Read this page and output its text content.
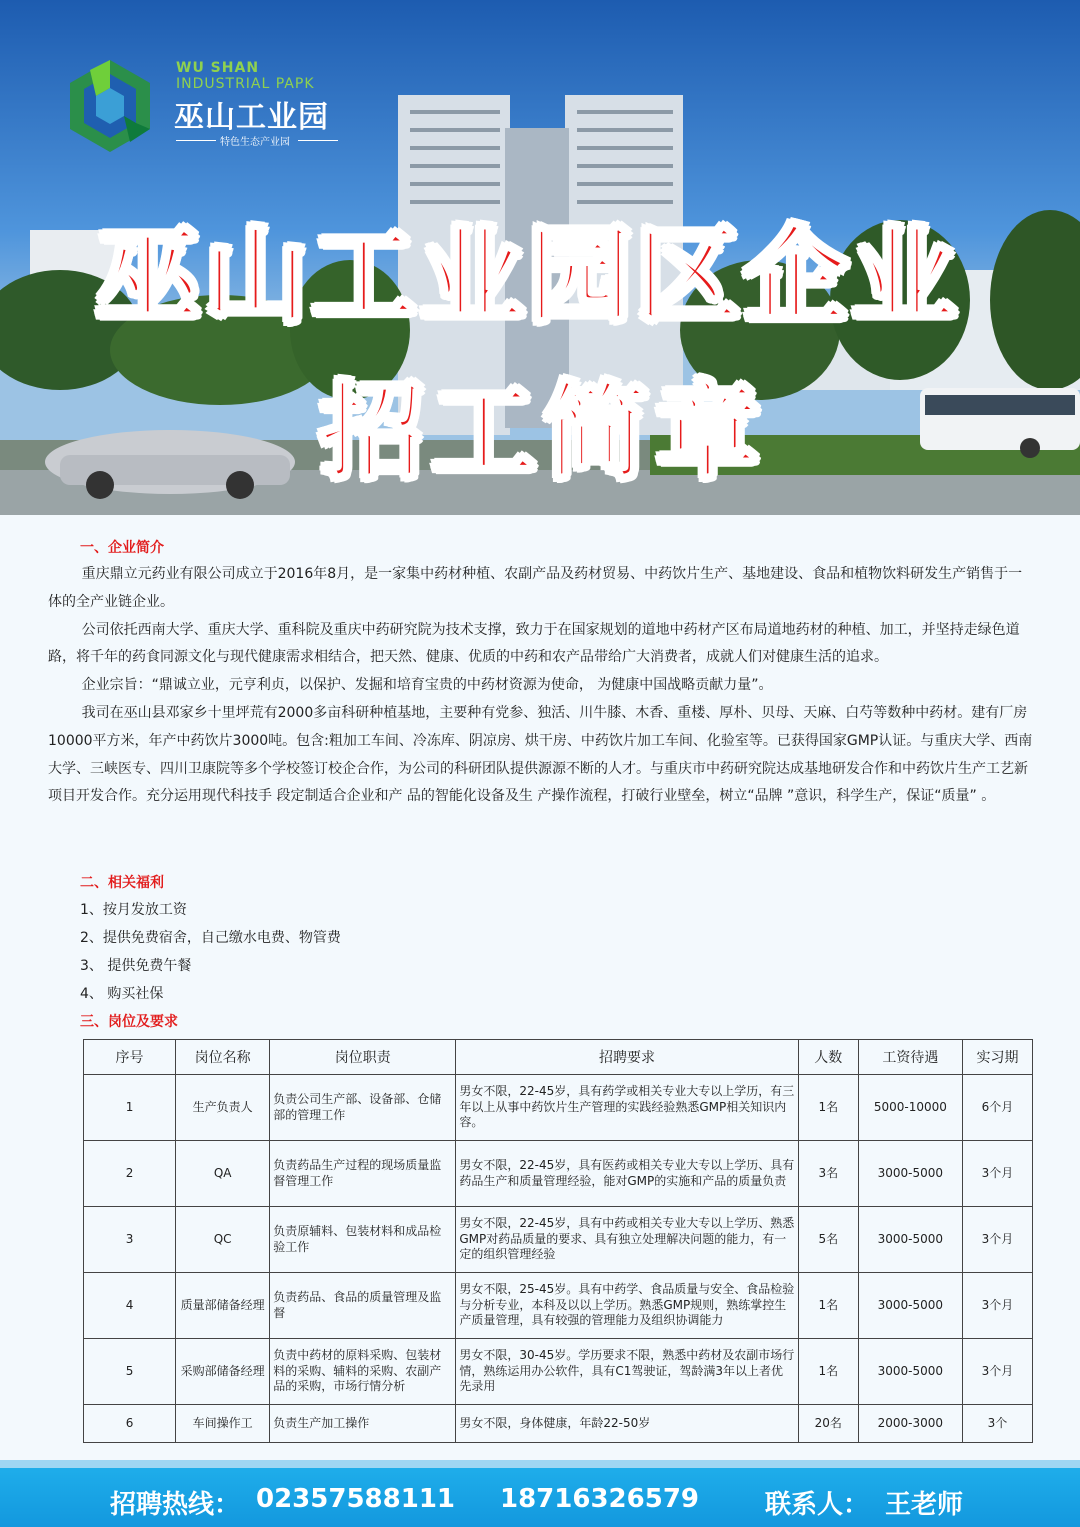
WU SHAN
INDUSTRIAL PAPK
巫山工业园
特色生态产业园
巫山工业园区企业
招工简章
一、企业简介

重庆鼎立元药业有限公司成立于2016年8月，是一家集中药材种植、农副产品及药材贸易、中药饮片生产、基地建设、食品和植物饮料研发生产销售于一体的全产业链企业。

公司依托西南大学、重庆大学、重科院及重庆中药研究院为技术支撑，致力于在国家规划的道地中药材产区布局道地药材的种植、加工，并坚持走绿色道路，将千年的药食同源文化与现代健康需求相结合，把天然、健康、优质的中药和农产品带给广大消费者，成就人们对健康生活的追求。

企业宗旨：“鼎诚立业，元亨利贞，以保护、发掘和培育宝贵的中药材资源为使命， 为健康中国战略贡献力量”。

我司在巫山县邓家乡十里坪荒有2000多亩科研种植基地，主要种有党参、独活、川牛膝、木香、重楼、厚朴、贝母、天麻、白芍等数种中药材。建有厂房10000平方米，年产中药饮片3000吨。包含:粗加工车间、冷冻库、阴凉房、烘干房、中药饮片加工车间、化验室等。已获得国家GMP认证。与重庆大学、西南大学、三峡医专、四川卫康院等多个学校签订校企合作，为公司的科研团队提供源源不断的人才。与重庆市中药研究院达成基地研发合作和中药饮片生产工艺新项目开发合作。充分运用现代科技手 段定制适合企业和产 品的智能化设备及生 产操作流程，打破行业壁垒，树立“品牌 ”意识，科学生产，保证“质量” 。

二、相关福利
1、按月发放工资
2、提供免费宿舍，自己缴水电费、物管费
3、 提供免费午餐
4、 购买社保
三、岗位及要求
序号	岗位名称	岗位职责	招聘要求	人数	工资待遇	实习期
1	生产负责人	负责公司生产部、设备部、仓储部的管理工作	男女不限，22-45岁，具有药学或相关专业大专以上学历，有三年以上从事中药饮片生产管理的实践经验熟悉GMP相关知识内容。	1名	5000-10000	6个月
2	QA	负责药品生产过程的现场质量监督管理工作	男女不限，22-45岁，具有医药或相关专业大专以上学历、具有药品生产和质量管理经验，能对GMP的实施和产品的质量负责	3名	3000-5000	3个月
3	QC	负责原辅料、包装材料和成品检验工作	男女不限，22-45岁，具有中药或相关专业大专以上学历、熟悉GMP对药品质量的要求、具有独立处理解决问题的能力，有一定的组织管理经验	5名	3000-5000	3个月
4	质量部储备经理	负责药品、食品的质量管理及监督	男女不限，25-45岁。具有中药学、食品质量与安全、食品检验与分析专业，本科及以以上学历。熟悉GMP规则，熟练掌控生产质量管理，具有较强的管理能力及组织协调能力	1名	3000-5000	3个月
5	采购部储备经理	负责中药材的原料采购、包装材料的采购、辅料的采购、农副产品的采购，市场行情分析	男女不限，30-45岁。学历要求不限，熟悉中药材及农副市场行情，熟练运用办公软件，具有C1驾驶证，驾龄满3年以上者优先录用	1名	3000-5000	3个月
6	车间操作工	负责生产加工操作	男女不限，身体健康，年龄22-50岁	20名	2000-3000	3个
招聘热线： 02357588111 18716326579	联系人： 王老师
